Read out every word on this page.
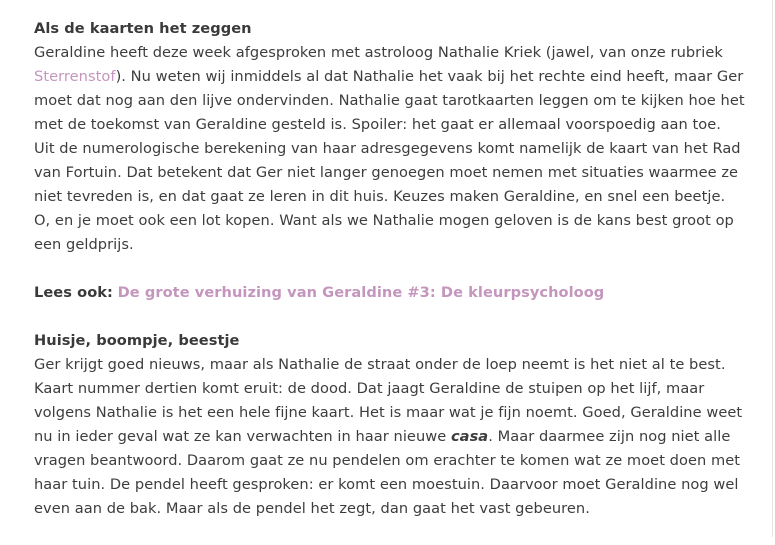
Als de kaarten het zeggen
Geraldine heeft deze week afgesproken met astroloog Nathalie Kriek (jawel, van onze rubriek Sterrenstof). Nu weten wij inmiddels al dat Nathalie het vaak bij het rechte eind heeft, maar Ger moet dat nog aan den lijve ondervinden. Nathalie gaat tarotkaarten leggen om te kijken hoe het met de toekomst van Geraldine gesteld is. Spoiler: het gaat er allemaal voorspoedig aan toe. Uit de numerologische berekening van haar adresgegevens komt namelijk de kaart van het Rad van Fortuin. Dat betekent dat Ger niet langer genoegen moet nemen met situaties waarmee ze niet tevreden is, en dat gaat ze leren in dit huis. Keuzes maken Geraldine, en snel een beetje. O, en je moet ook een lot kopen. Want als we Nathalie mogen geloven is de kans best groot op een geldprijs.

Lees ook: De grote verhuizing van Geraldine #3: De kleurpsycholoog

Huisje, boompje, beestje
Ger krijgt goed nieuws, maar als Nathalie de straat onder de loep neemt is het niet al te best. Kaart nummer dertien komt eruit: de dood. Dat jaagt Geraldine de stuipen op het lijf, maar volgens Nathalie is het een hele fijne kaart. Het is maar wat je fijn noemt. Goed, Geraldine weet nu in ieder geval wat ze kan verwachten in haar nieuwe casa. Maar daarmee zijn nog niet alle vragen beantwoord. Daarom gaat ze nu pendelen om erachter te komen wat ze moet doen met haar tuin. De pendel heeft gesproken: er komt een moestuin. Daarvoor moet Geraldine nog wel even aan de bak. Maar als de pendel het zegt, dan gaat het vast gebeuren.
